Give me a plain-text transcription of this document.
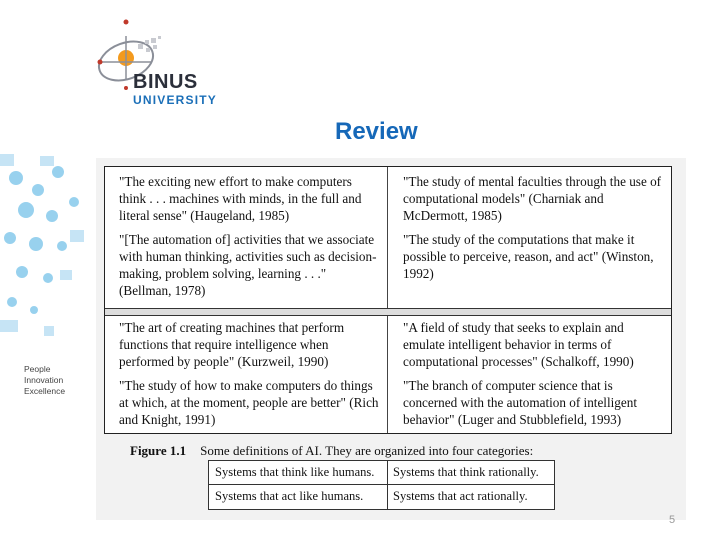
BINUS
UNIVERSITY
Review
People
Innovation
Excellence

"The exciting new effort to make computers think . . . machines with minds, in the full and literal sense" (Haugeland, 1985)

"[The automation of] activities that we associate with human thinking, activities such as decision-making, problem solving, learning . . ." (Bellman, 1978)

"The study of mental faculties through the use of computational models" (Charniak and McDermott, 1985)

"The study of the computations that make it possible to perceive, reason, and act" (Winston, 1992)

"The art of creating machines that perform functions that require intelligence when performed by people" (Kurzweil, 1990)

"The study of how to make computers do things at which, at the moment, people are better" (Rich and Knight, 1991)

"A field of study that seeks to explain and emulate intelligent behavior in terms of computational processes" (Schalkoff, 1990)

"The branch of computer science that is concerned with the automation of intelligent behavior" (Luger and Stubblefield, 1993)

Figure 1.1 Some definitions of AI. They are organized into four categories:
Systems that think like humans. Systems that think rationally.
Systems that act like humans. Systems that act rationally.
5
